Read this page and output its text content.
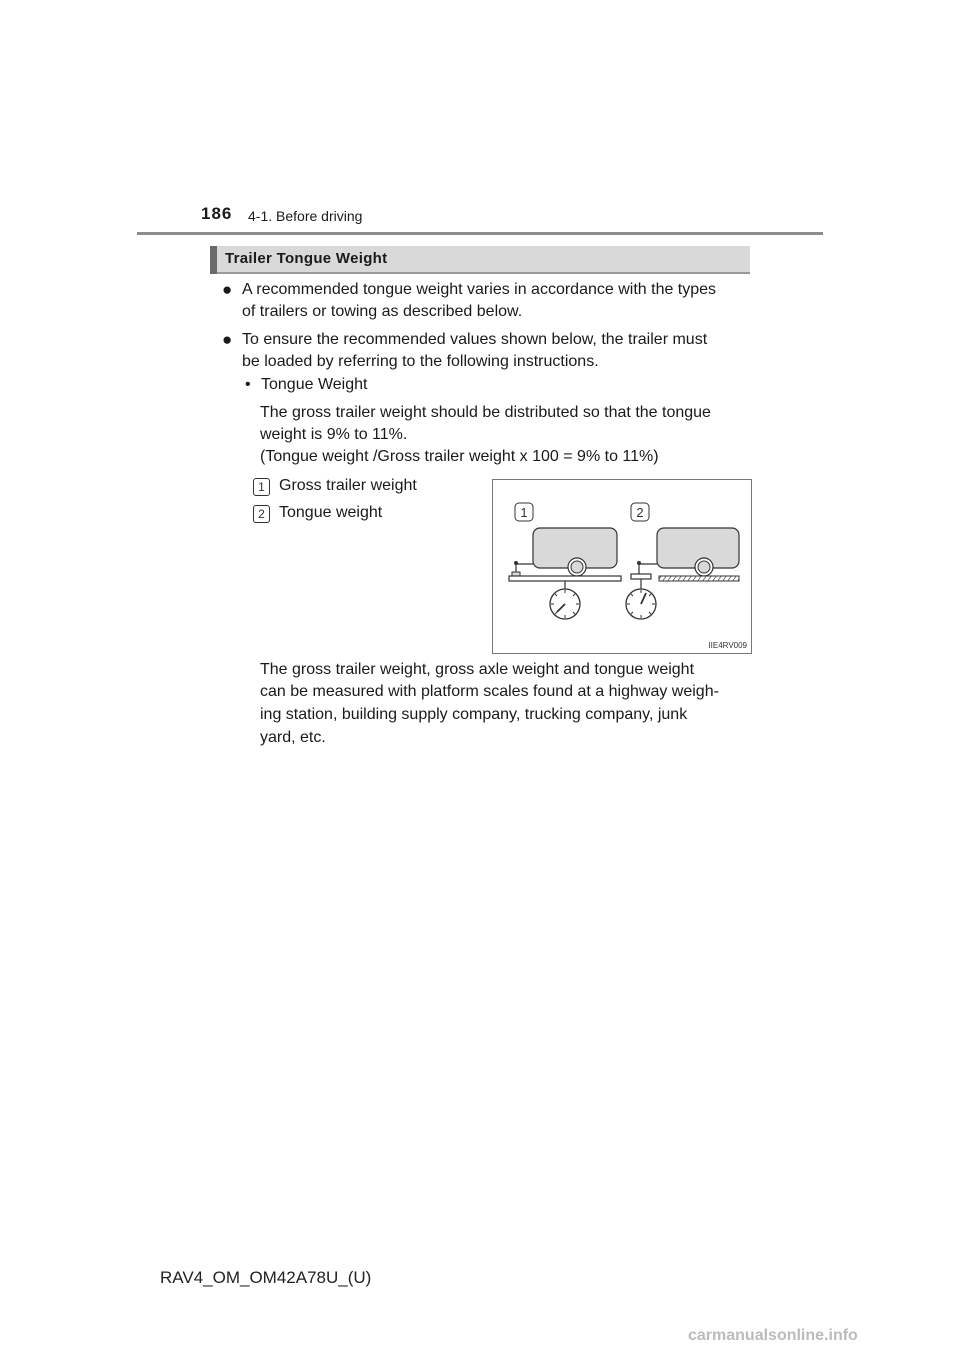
186 4-1. Before driving
Trailer Tongue Weight
● A recommended tongue weight varies in accordance with the types
of trailers or towing as described below.
● To ensure the recommended values shown below, the trailer must
be loaded by referring to the following instructions.
• Tongue Weight
The gross trailer weight should be distributed so that the tongue
weight is 9% to 11%.
(Tongue weight /Gross trailer weight x 100 = 9% to 11%)
1 Gross trailer weight
2 Tongue weight	1	2
IIE4RV009
The gross trailer weight, gross axle weight and tongue weight
can be measured with platform scales found at a highway weigh-
ing station, building supply company, trucking company, junk
yard, etc.
RAV4_OM_OM42A78U_(U)
carmanualsonline.info
